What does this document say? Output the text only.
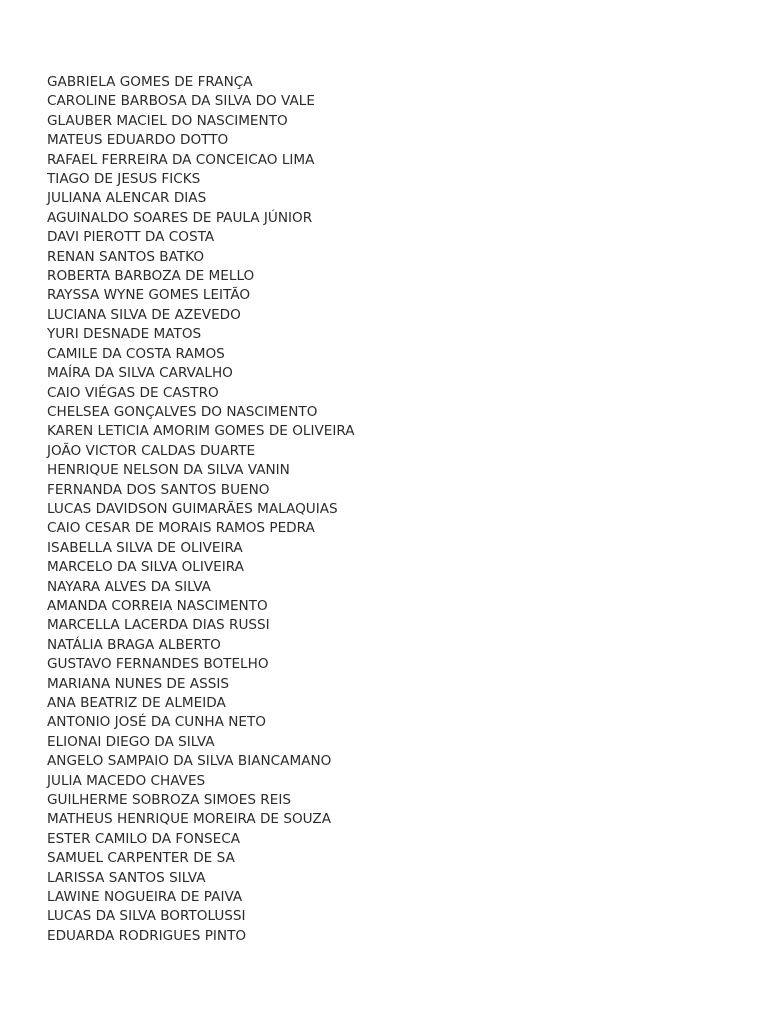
GABRIELA GOMES DE FRANÇA
CAROLINE BARBOSA DA SILVA DO VALE
GLAUBER MACIEL DO NASCIMENTO
MATEUS EDUARDO DOTTO
RAFAEL FERREIRA DA CONCEICAO LIMA
TIAGO DE JESUS FICKS
JULIANA ALENCAR DIAS
AGUINALDO SOARES DE PAULA JÚNIOR
DAVI PIEROTT DA COSTA
RENAN SANTOS BATKO
ROBERTA BARBOZA DE MELLO
RAYSSA WYNE GOMES LEITÃO
LUCIANA SILVA DE AZEVEDO
YURI DESNADE MATOS
CAMILE DA COSTA RAMOS
MAÍRA DA SILVA CARVALHO
CAIO VIÉGAS DE CASTRO
CHELSEA GONÇALVES DO NASCIMENTO
KAREN LETICIA AMORIM GOMES DE OLIVEIRA
JOÃO VICTOR CALDAS DUARTE
HENRIQUE NELSON DA SILVA VANIN
FERNANDA DOS SANTOS BUENO
LUCAS DAVIDSON GUIMARÃES MALAQUIAS
CAIO CESAR DE MORAIS RAMOS PEDRA
ISABELLA SILVA DE OLIVEIRA
MARCELO DA SILVA OLIVEIRA
NAYARA ALVES DA SILVA
AMANDA CORREIA NASCIMENTO
MARCELLA LACERDA DIAS RUSSI
NATÁLIA BRAGA ALBERTO
GUSTAVO FERNANDES BOTELHO
MARIANA NUNES DE ASSIS
ANA BEATRIZ DE ALMEIDA
ANTONIO JOSÉ DA CUNHA NETO
ELIONAI DIEGO DA SILVA
ANGELO SAMPAIO DA SILVA BIANCAMANO
JULIA MACEDO CHAVES
GUILHERME SOBROZA SIMOES REIS
MATHEUS HENRIQUE MOREIRA DE SOUZA
ESTER CAMILO DA FONSECA
SAMUEL CARPENTER DE SA
LARISSA SANTOS SILVA
LAWINE NOGUEIRA DE PAIVA
LUCAS DA SILVA BORTOLUSSI
EDUARDA RODRIGUES PINTO
